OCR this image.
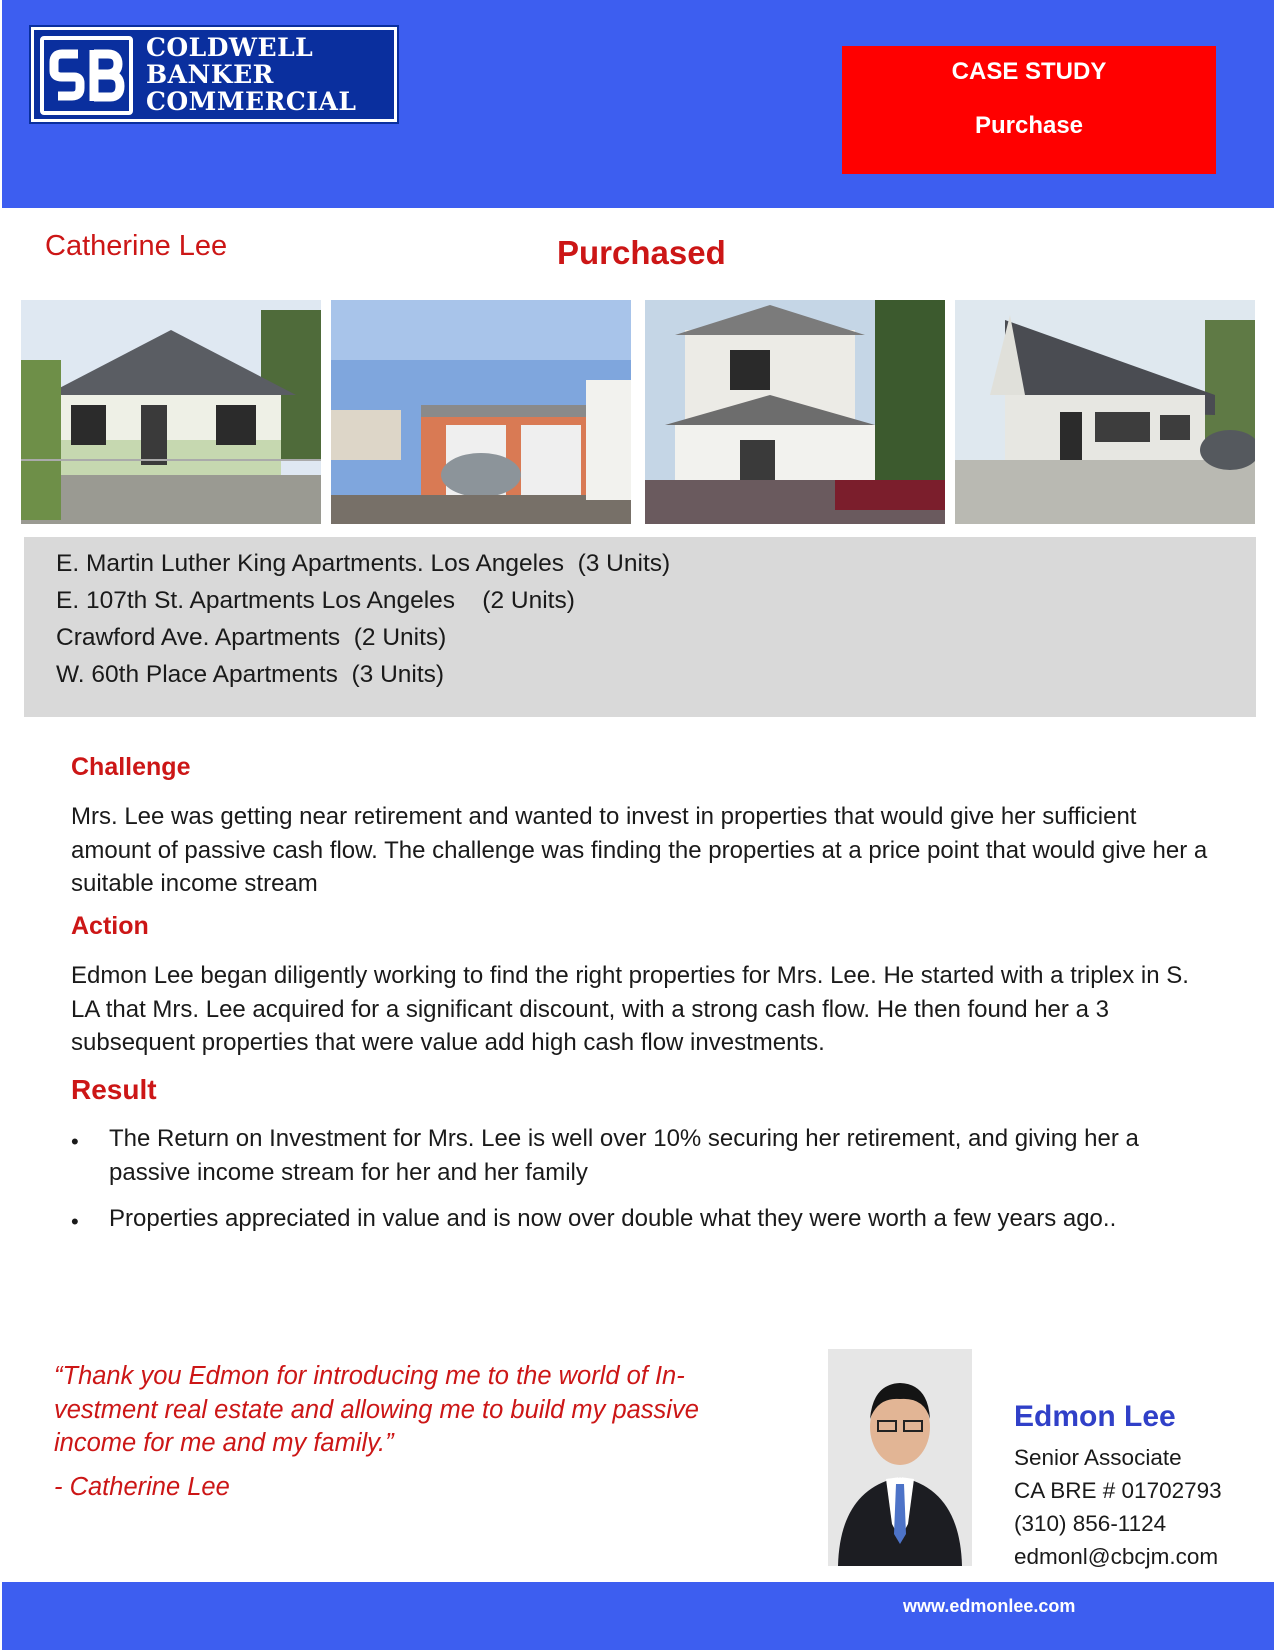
COLDWELL
BANKER
COMMERCIAL
CASE STUDY
Purchase
Catherine Lee	Purchased
E. Martin Luther King Apartments. Los Angeles  (3 Units)
E. 107th St. Apartments Los Angeles    (2 Units)
Crawford Ave. Apartments  (2 Units)
W. 60th Place Apartments  (3 Units)
Challenge
Mrs. Lee was getting near retirement and wanted to invest in properties that would give her sufficient amount of passive cash flow. The challenge was finding the properties at a price point that would give her a suitable income stream
Action
Edmon Lee began diligently working to find the right properties for Mrs. Lee. He started with a triplex in S. LA that Mrs. Lee acquired for a significant discount, with a strong cash flow. He then found her a 3 subsequent properties that were value add high cash flow investments.
Result
• The Return on Investment for Mrs. Lee is well over 10% securing her retirement, and giving her a passive income stream for her and her family
• Properties appreciated in value and is now over double what they were worth a few years ago..
“Thank you Edmon for introducing me to the world of In-
vestment real estate and allowing me to build my passive
income for me and my family.”
- Catherine Lee
Edmon Lee
Senior Associate
CA BRE # 01702793
(310) 856-1124
edmonl@cbcjm.com
www.edmonlee.com
